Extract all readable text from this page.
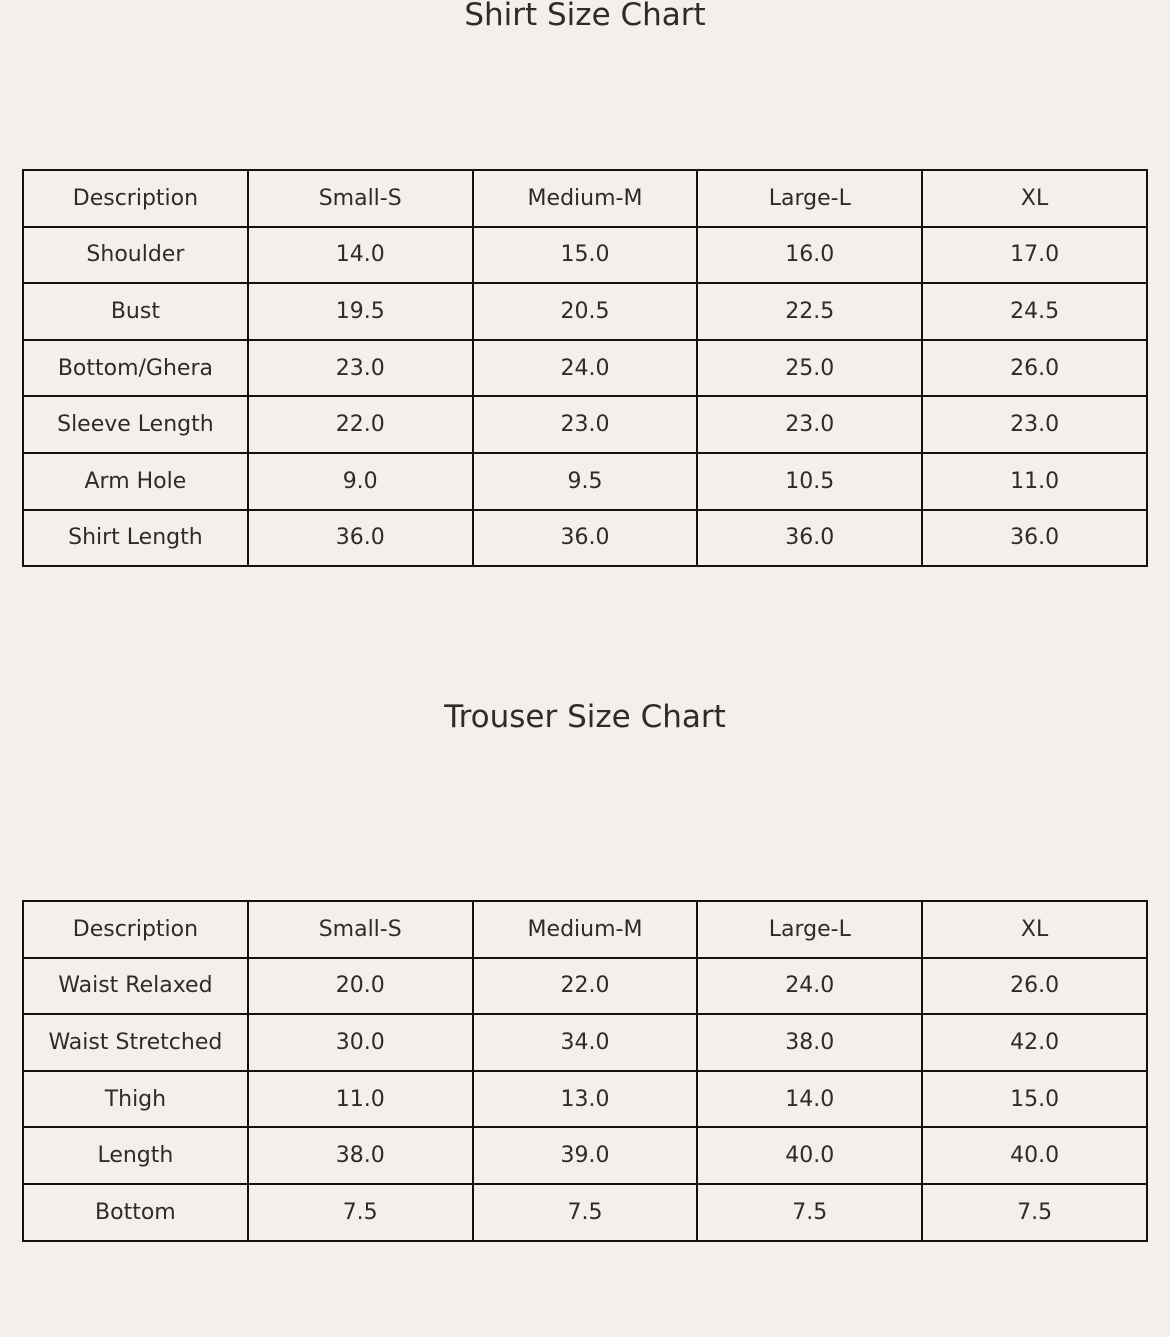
Shirt Size Chart
Description	Small-S	Medium-M	Large-L	XL
Shoulder	14.0	15.0	16.0	17.0
Bust	19.5	20.5	22.5	24.5
Bottom/Ghera	23.0	24.0	25.0	26.0
Sleeve Length	22.0	23.0	23.0	23.0
Arm Hole	9.0	9.5	10.5	11.0
Shirt Length	36.0	36.0	36.0	36.0
Trouser Size Chart
Description	Small-S	Medium-M	Large-L	XL
Waist Relaxed	20.0	22.0	24.0	26.0
Waist Stretched	30.0	34.0	38.0	42.0
Thigh	11.0	13.0	14.0	15.0
Length	38.0	39.0	40.0	40.0
Bottom	7.5	7.5	7.5	7.5
